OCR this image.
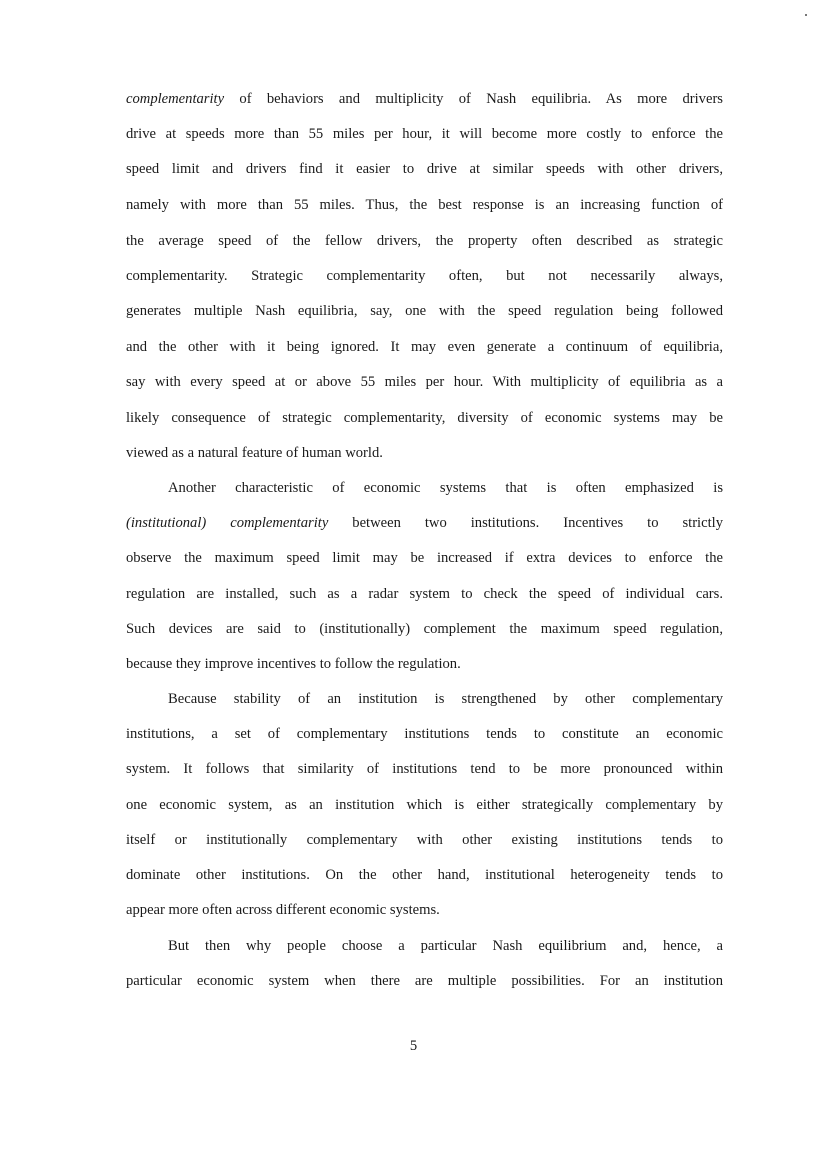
complementarity of behaviors and multiplicity of Nash equilibria. As more drivers
drive at speeds more than 55 miles per hour, it will become more costly to enforce the
speed limit and drivers find it easier to drive at similar speeds with other drivers,
namely with more than 55 miles. Thus, the best response is an increasing function of
the average speed of the fellow drivers, the property often described as strategic
complementarity. Strategic complementarity often, but not necessarily always,
generates multiple Nash equilibria, say, one with the speed regulation being followed
and the other with it being ignored. It may even generate a continuum of equilibria,
say with every speed at or above 55 miles per hour. With multiplicity of equilibria as a
likely consequence of strategic complementarity, diversity of economic systems may be
viewed as a natural feature of human world.
Another characteristic of economic systems that is often emphasized is
(institutional) complementarity between two institutions. Incentives to strictly
observe the maximum speed limit may be increased if extra devices to enforce the
regulation are installed, such as a radar system to check the speed of individual cars.
Such devices are said to (institutionally) complement the maximum speed regulation,
because they improve incentives to follow the regulation.
Because stability of an institution is strengthened by other complementary
institutions, a set of complementary institutions tends to constitute an economic
system. It follows that similarity of institutions tend to be more pronounced within
one economic system, as an institution which is either strategically complementary by
itself or institutionally complementary with other existing institutions tends to
dominate other institutions. On the other hand, institutional heterogeneity tends to
appear more often across different economic systems.
But then why people choose a particular Nash equilibrium and, hence, a
particular economic system when there are multiple possibilities. For an institution
5
